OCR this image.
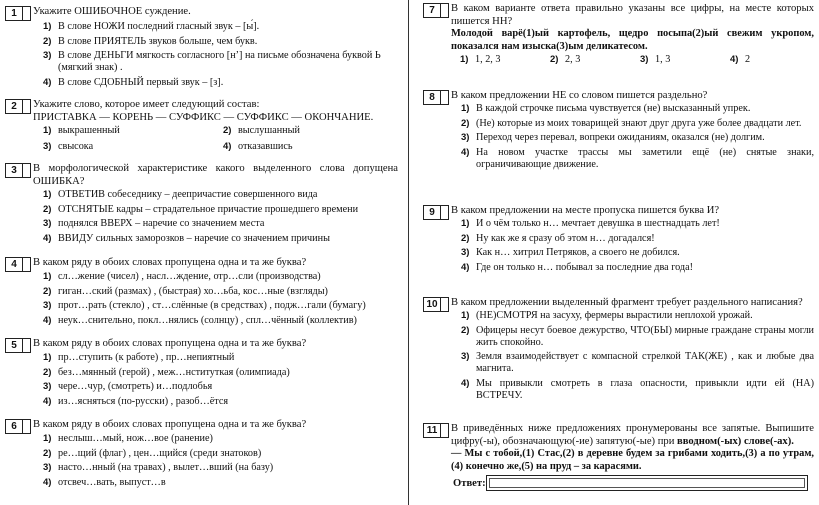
1	Укажите ОШИБОЧНОЕ суждение.
1) В слове НОЖИ последний гласный звук – [ы́].
2) В слове ПРИЯТЕЛЬ звуков больше, чем букв.
3) В слове ДЕНЬГИ мягкость согласного [н’] на письме обозначена буквой Ь (мягкий знак) .
4) В слове СДОБНЫЙ первый звук – [з].
2	Укажите слово, которое имеет следующий состав:
ПРИСТАВКА — КОРЕНЬ — СУФФИКС — СУФФИКС — ОКОНЧАНИЕ.
1) выкрашенный	2) выслушанный
3) свысока	4) отказавшись
3	В морфологической характеристике какого выделенного слова допущена ОШИБКА?
1) ОТВЕТИВ собеседнику – деепричастие совершенного вида
2) ОТСНЯТЫЕ кадры – страдательное причастие прошедшего времени
3) поднялся ВВЕРХ – наречие со значением места
4) ВВИДУ сильных заморозков – наречие со значением причины
4	В каком ряду в обоих словах пропущена одна и та же буква?
1) сл…жение (чисел) , насл…ждение, отр…сли (производства)
2) гиган…ский (размах) , (быстрая) хо…ьба, кос…ные (взгляды)
3) прот…рать (стекло) , ст…слённые (в средствах) , подж…гали (бумагу)
4) неук…снительно, покл…нялись (солнцу) , спл…чённый (коллектив)
5	В каком ряду в обоих словах пропущена одна и та же буква?
1) пр…ступить (к работе) , пр…непиятный
2) без…мянный (герой) , меж…нституткая (олимпиада)
3) чере…чур, (смотреть) и…подлобья
4) из…ясняться (по-русски) , разоб…ётся
6	В каком ряду в обоих словах пропущена одна и та же буква?
1) неслыш…мый, нож…вое (ранение)
2) ре…щий (флаг) , цен…щийся (среди знатоков)
3) насто…нный (на травах) , вылет…вший (на базу)
4) отсвеч…вать, выпуст…в
7	В каком варианте ответа правильно указаны все цифры, на месте которых пишется НН?
Молодой варё(1)ый картофель, щедро посыпа(2)ый свежим укропом, показался нам изыска(3)ым деликатесом.
1) 1, 2, 3	2) 2, 3	3) 1, 3	4) 2
8	В каком предложении НЕ со словом пишется раздельно?
1) В каждой строчке письма чувствуется (не) высказанный упрек.
2) (Не) которые из моих товарищей знают друг друга уже более двадцати лет.
3) Переход через перевал, вопреки ожиданиям, оказался (не) долгим.
4) На новом участке трассы мы заметили ещё (не) снятые знаки, ограничивающие движение.
9	В каком предложении на месте пропуска пишется буква И?
1) И о чём только н… мечтает девушка в шестнадцать лет!
2) Ну как же я сразу об этом н… догадался!
3) Как н… хитрил Петряков, а своего не добился.
4) Где он только н… побывал за последние два года!
10	В каком предложении выделенный фрагмент требует раздельного написания?
1) (НЕ)СМОТРЯ на засуху, фермеры вырастили неплохой урожай.
2) Офицеры несут боевое дежурство, ЧТО(БЫ) мирные граждане страны могли жить спокойно.
3) Земля взаимодействует с компасной стрелкой ТАК(ЖЕ) , как и любые два магнита.
4) Мы привыкли смотреть в глаза опасности, привыкли идти ей (НА) ВСТРЕЧУ.
11	В приведённых ниже предложениях пронумерованы все запятые. Выпишите цифру(-ы), обозначающую(-ие) запятую(-ые) при вводном(-ых) слове(-ах).
— Мы с тобой,(1) Стас,(2) в деревне будем за грибами ходить,(3) а по утрам,(4) конечно же,(5) на пруд – за карасями.
Ответ:
